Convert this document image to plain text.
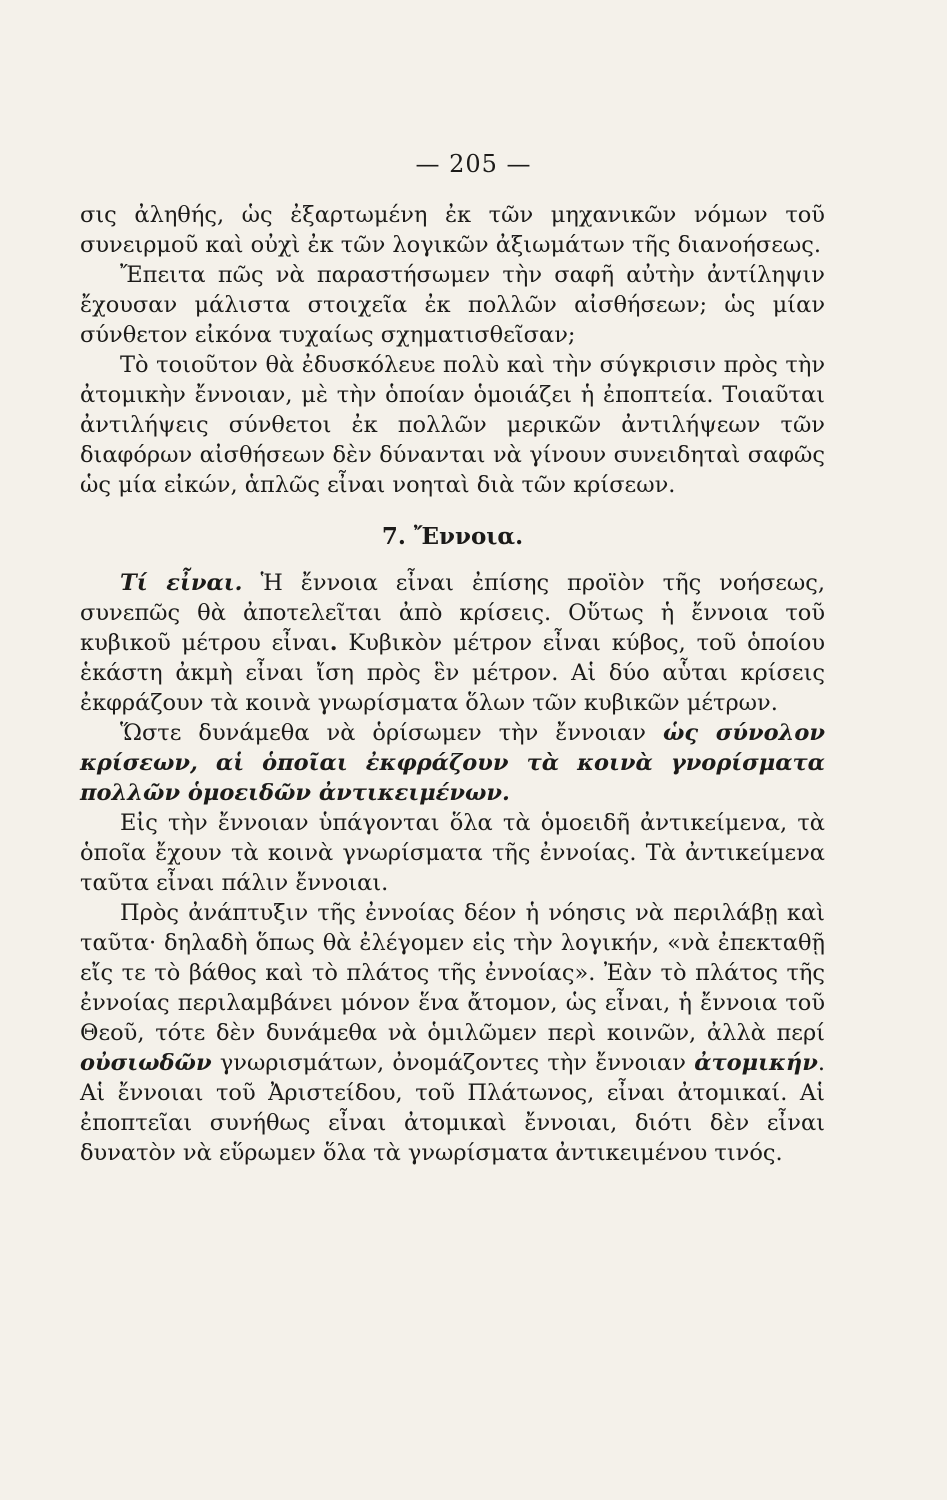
— 205 —

σις ἀληθής, ὡς ἐξαρτωμένη ἐκ τῶν μηχανικῶν νόμων τοῦ συνειρμοῦ καὶ οὐχὶ ἐκ τῶν λογικῶν ἀξιωμάτων τῆς διανοήσεως.

Ἔπειτα πῶς νὰ παραστήσωμεν τὴν σαφῆ αὐτὴν ἀντίληψιν ἔχουσαν μάλιστα στοιχεῖα ἐκ πολλῶν αἰσθήσεων; ὡς μίαν σύνθετον εἰκόνα τυχαίως σχηματισθεῖσαν;

Τὸ τοιοῦτον θὰ ἐδυσκόλευε πολὺ καὶ τὴν σύγκρισιν πρὸς τὴν ἀτομικὴν ἔννοιαν, μὲ τὴν ὁποίαν ὁμοιάζει ἡ ἐποπτεία. Τοιαῦται ἀντιλήψεις σύνθετοι ἐκ πολλῶν μερικῶν ἀντιλήψεων τῶν διαφόρων αἰσθήσεων δὲν δύνανται νὰ γίνουν συνειδηταὶ σαφῶς ὡς μία εἰκών, ἁπλῶς εἶναι νοηταὶ διὰ τῶν κρίσεων.

7. Ἔννοια.

Τί εἶναι. Ἡ ἔννοια εἶναι ἐπίσης προϊὸν τῆς νοήσεως, συνεπῶς θὰ ἀποτελεῖται ἀπὸ κρίσεις. Οὕτως ἡ ἔννοια τοῦ κυβικοῦ μέτρου εἶναι. Κυβικὸν μέτρον εἶναι κύβος, τοῦ ὁποίου ἑκάστη ἀκμὴ εἶναι ἴση πρὸς ἓν μέτρον. Αἱ δύο αὗται κρίσεις ἐκφράζουν τὰ κοινὰ γνωρίσματα ὅλων τῶν κυβικῶν μέτρων.

Ὥστε δυνάμεθα νὰ ὁρίσωμεν τὴν ἔννοιαν ὡς σύνολον κρίσεων, αἱ ὁποῖαι ἐκφράζουν τὰ κοινὰ γνορίσματα πολλῶν ὁμοειδῶν ἀντικειμένων.

Εἰς τὴν ἔννοιαν ὑπάγονται ὅλα τὰ ὁμοειδῆ ἀντικείμενα, τὰ ὁποῖα ἔχουν τὰ κοινὰ γνωρίσματα τῆς ἐννοίας. Τὰ ἀντικείμενα ταῦτα εἶναι πάλιν ἔννοιαι.

Πρὸς ἀνάπτυξιν τῆς ἐννοίας δέον ἡ νόησις νὰ περιλάβῃ καὶ ταῦτα· δηλαδὴ ὅπως θὰ ἐλέγομεν εἰς τὴν λογικήν, «νὰ ἐπεκταθῇ εἴς τε τὸ βάθος καὶ τὸ πλάτος τῆς ἐννοίας». Ἐὰν τὸ πλάτος τῆς ἐννοίας περιλαμβάνει μόνον ἕνα ἄτομον, ὡς εἶναι, ἡ ἔννοια τοῦ Θεοῦ, τότε δὲν δυνάμεθα νὰ ὁμιλῶμεν περὶ κοινῶν, ἀλλὰ περί οὐσιωδῶν γνωρισμάτων, ὀνομάζοντες τὴν ἔννοιαν ἀτομικήν. Αἱ ἔννοιαι τοῦ Ἀριστείδου, τοῦ Πλάτωνος, εἶναι ἀτομικαί. Αἱ ἐποπτεῖαι συνήθως εἶναι ἀτομικαὶ ἔννοιαι, διότι δὲν εἶναι δυνατὸν νὰ εὕρωμεν ὅλα τὰ γνωρίσματα ἀντικειμένου τινός.
